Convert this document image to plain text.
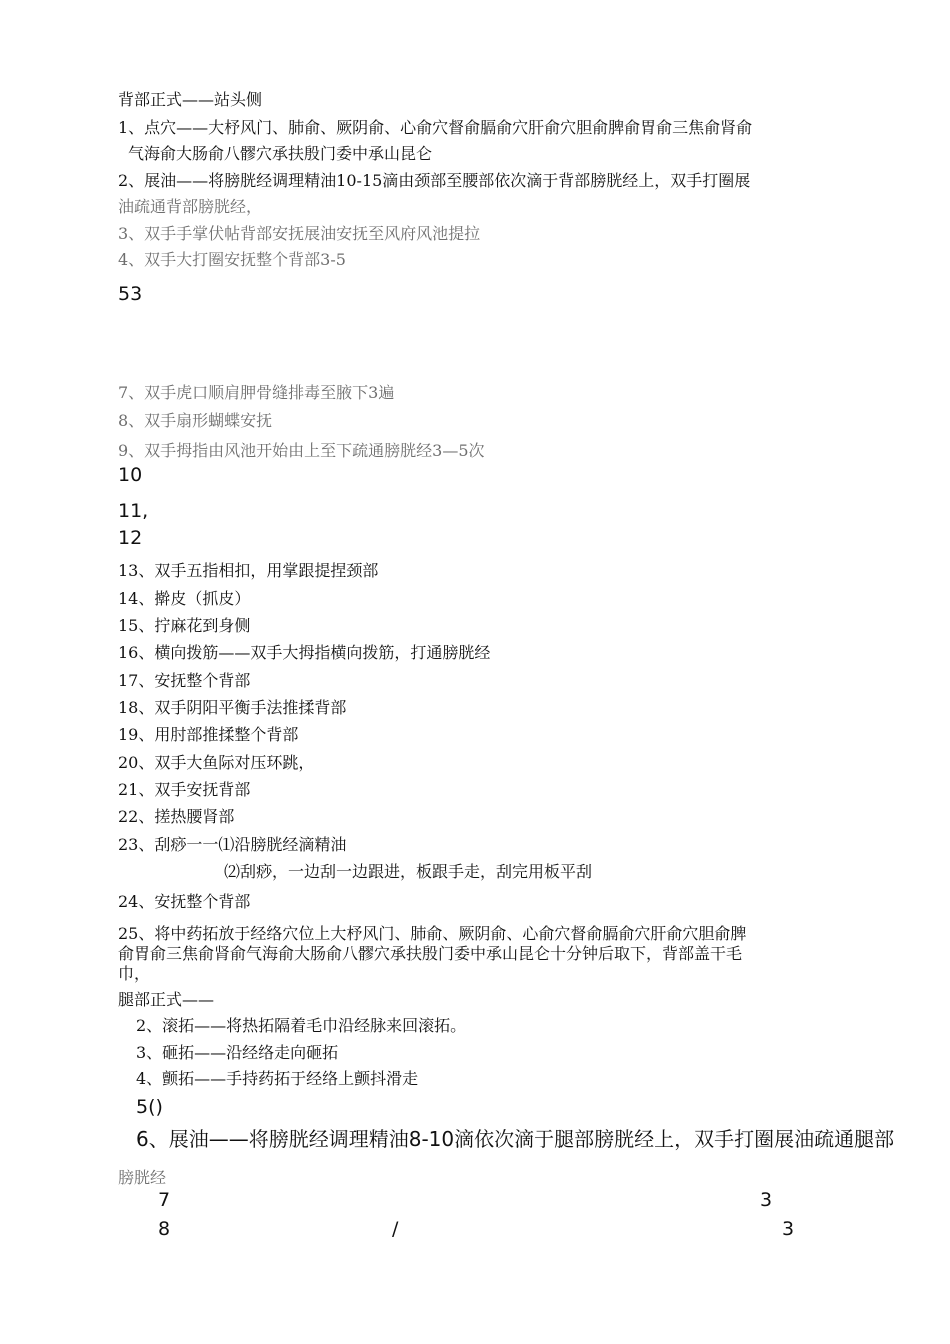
背部正式——站头侧
1、点穴——大杼风门、肺俞、厥阴俞、心俞穴督俞膈俞穴肝俞穴胆俞脾俞胃俞三焦俞肾俞
气海俞大肠俞八髎穴承扶殷门委中承山昆仑
2、展油——将膀胱经调理精油10-15滴由颈部至腰部依次滴于背部膀胱经上，双手打圈展
油疏通背部膀胱经，
3、双手手掌伏帖背部安抚展油安抚至风府风池提拉
4、双手大打圈安抚整个背部3-5
53
7、双手虎口顺肩胛骨缝排毒至腋下3遍
8、双手扇形蝴蝶安抚
9、双手拇指由风池开始由上至下疏通膀胱经3—5次
10
11,
12
13、双手五指相扣，用掌跟提捏颈部
14、擀皮（抓皮）
15、拧麻花到身侧
16、横向拨筋——双手大拇指横向拨筋，打通膀胱经
17、安抚整个背部
18、双手阴阳平衡手法推揉背部
19、用肘部推揉整个背部
20、双手大鱼际对压环跳，
21、双手安抚背部
22、搓热腰肾部
23、刮痧一一⑴沿膀胱经滴精油
⑵刮痧，一边刮一边跟进，板跟手走，刮完用板平刮
24、安抚整个背部
25、将中药拓放于经络穴位上大杼风门、肺俞、厥阴俞、心俞穴督俞膈俞穴肝俞穴胆俞脾
俞胃俞三焦俞肾俞气海俞大肠俞八髎穴承扶殷门委中承山昆仑十分钟后取下，背部盖干毛
巾，
腿部正式——
2、滚拓——将热拓隔着毛巾沿经脉来回滚拓。
3、砸拓——沿经络走向砸拓
4、颤拓——手持药拓于经络上颤抖滑走
5()
6、展油——将膀胱经调理精油8-10滴依次滴于腿部膀胱经上，双手打圈展油疏通腿部
膀胱经
7	3
8	/	3
